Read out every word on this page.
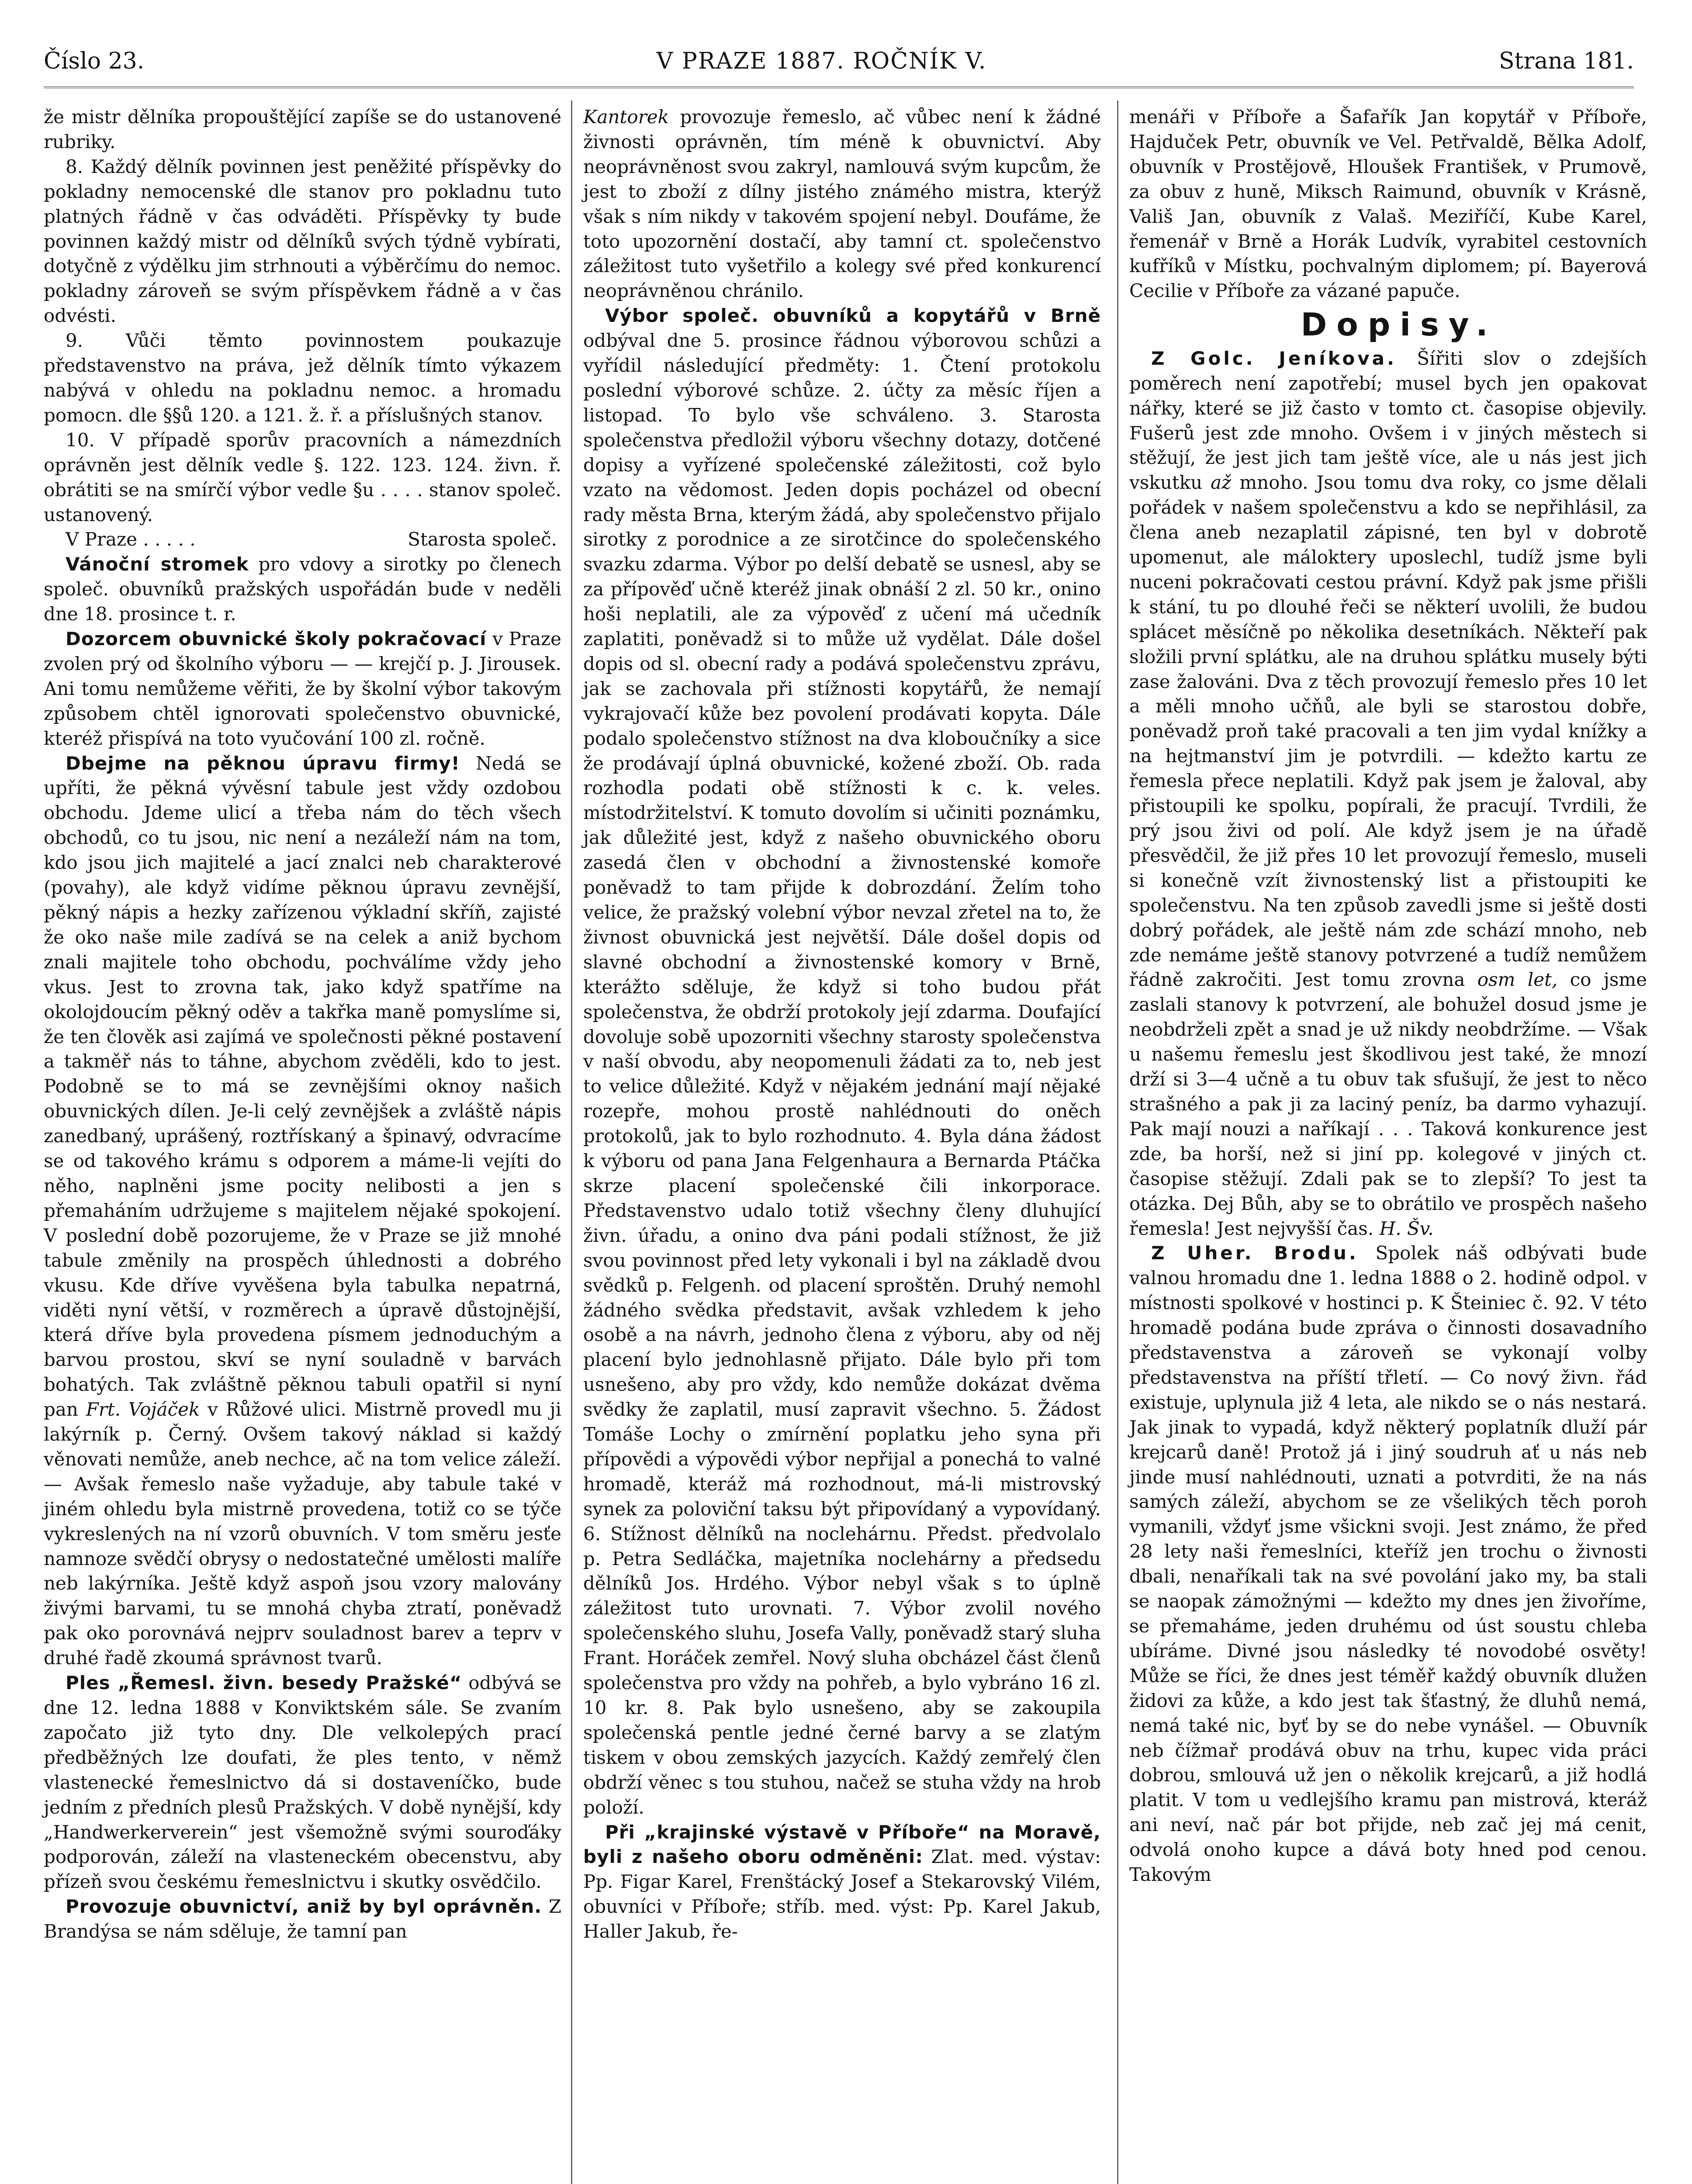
Číslo 23.	V PRAZE 1887. ROČNÍK V.	Strana 181.

že mistr dělníka propouštějící zapíše se do ustanovené rubriky.

8. Každý dělník povinnen jest peněžité příspěvky do pokladny nemocenské dle stanov pro pokladnu tuto platných řádně v čas odváděti. Příspěvky ty bude povinnen každý mistr od dělníků svých týdně vybírati, dotyčně z výdělku jim strhnouti a výběrčímu do nemoc. pokladny zároveň se svým příspěvkem řádně a v čas odvésti.

9. Vůči těmto povinnostem poukazuje představenstvo na práva, jež dělník tímto výkazem nabývá v ohledu na pokladnu nemoc. a hromadu pomocn. dle §§ů 120. a 121. ž. ř. a příslušných stanov.

10. V případě sporův pracovních a námezdních oprávněn jest dělník vedle §. 122. 123. 124. živn. ř. obrátiti se na smírčí výbor vedle §u . . . . stanov společ. ustanovený.

V Praze . . . . .	Starosta společ.

Vánoční stromek pro vdovy a sirotky po členech společ. obuvníků pražských uspořádán bude v neděli dne 18. prosince t. r.

Dozorcem obuvnické školy pokračovací v Praze zvolen prý od školního výboru — — krejčí p. J. Jirousek. Ani tomu nemůžeme věřiti, že by školní výbor takovým způsobem chtěl ignorovati společenstvo obuvnické, kteréž přispívá na toto vyučování 100 zl. ročně.

Dbejme na pěknou úpravu firmy! Nedá se upříti, že pěkná vývěsní tabule jest vždy ozdobou obchodu. Jdeme ulicí a třeba nám do těch všech obchodů, co tu jsou, nic není a nezáleží nám na tom, kdo jsou jich majitelé a jací znalci neb charakterové (povahy), ale když vidíme pěknou úpravu zevnější, pěkný nápis a hezky zařízenou výkladní skříň, zajisté že oko naše mile zadívá se na celek a aniž bychom znali majitele toho obchodu, pochválíme vždy jeho vkus. Jest to zrovna tak, jako když spatříme na okolojdoucím pěkný oděv a takřka maně pomyslíme si, že ten člověk asi zajímá ve společnosti pěkné postavení a takměř nás to táhne, abychom zvěděli, kdo to jest. Podobně se to má se zevnějšími oknoy našich obuvnických dílen. Je-li celý zevnějšek a zvláště nápis zanedbaný, uprášený, roztřískaný a špinavý, odvracíme se od takového krámu s odporem a máme-li vejíti do něho, naplněni jsme pocity nelibosti a jen s přemaháním udržujeme s majitelem nějaké spokojení. V poslední době pozorujeme, že v Praze se již mnohé tabule změnily na prospěch úhlednosti a dobrého vkusu. Kde dříve vyvěšena byla tabulka nepatrná, viděti nyní větší, v rozměrech a úpravě důstojnější, která dříve byla provedena písmem jednoduchým a barvou prostou, skví se nyní souladně v barvách bohatých. Tak zvláštně pěknou tabuli opatřil si nyní pan Frt. Vojáček v Růžové ulici. Mistrně provedl mu ji lakýrník p. Černý. Ovšem takový náklad si každý věnovati nemůže, aneb nechce, ač na tom velice záleží. — Avšak řemeslo naše vyžaduje, aby tabule také v jiném ohledu byla mistrně provedena, totiž co se týče vykreslených na ní vzorů obuvních. V tom směru jesťe namnoze svědčí obrysy o nedostatečné umělosti malíře neb lakýrníka. Ještě když aspoň jsou vzory malovány živými barvami, tu se mnohá chyba ztratí, poněvadž pak oko porovnává nejprv souladnost barev a teprv v druhé řadě zkoumá správnost tvarů.

Ples „Řemesl. živn. besedy Pražské“ odbývá se dne 12. ledna 1888 v Konviktském sále. Se zvaním započato již tyto dny. Dle velkolepých prací předběžných lze doufati, že ples tento, v němž vlastenecké řemeslnictvo dá si dostaveníčko, bude jedním z předních plesů Pražských. V době nynější, kdy „Handwerkerverein“ jest všemožně svými souroďáky podporován, záleží na vlasteneckém obecenstvu, aby přízeň svou českému řemeslnictvu i skutky osvědčilo.

Provozuje obuvnictví, aniž by byl oprávněn. Z Brandýsa se nám sděluje, že tamní pan

Kantorek provozuje řemeslo, ač vůbec není k žádné živnosti oprávněn, tím méně k obuvnictví. Aby neoprávněnost svou zakryl, namlouvá svým kupcům, že jest to zboží z dílny jistého známého mistra, kterýž však s ním nikdy v takovém spojení nebyl. Doufáme, že toto upozornění dostačí, aby tamní ct. společenstvo záležitost tuto vyšetřilo a kolegy své před konkurencí neoprávněnou chránilo.

Výbor společ. obuvníků a kopytářů v Brně odbýval dne 5. prosince řádnou výborovou schůzi a vyřídil následující předměty: 1. Čtení protokolu poslední výborové schůze. 2. účty za měsíc říjen a listopad. To bylo vše schváleno. 3. Starosta společenstva předložil výboru všechny dotazy, dotčené dopisy a vyřízené společenské záležitosti, což bylo vzato na vědomost. Jeden dopis pocházel od obecní rady města Brna, kterým žádá, aby společenstvo přijalo sirotky z porodnice a ze sirotčince do společenského svazku zdarma. Výbor po delší debatě se usnesl, aby se za přípověď učně kteréž jinak obnáší 2 zl. 50 kr., onino hoši neplatili, ale za výpověď z učení má učedník zaplatiti, poněvadž si to může už vydělat. Dále došel dopis od sl. obecní rady a podává společenstvu zprávu, jak se zachovala při stížnosti kopytářů, že nemají vykrajovačí kůže bez povolení prodávati kopyta. Dále podalo společenstvo stížnost na dva kloboučníky a sice že prodávají úplná obuvnické, kožené zboží. Ob. rada rozhodla podati obě stížnosti k c. k. veles. místodržitelství. K tomuto dovolím si učiniti poznámku, jak důležité jest, když z našeho obuvnického oboru zasedá člen v obchodní a živnostenské komoře poněvadž to tam přijde k dobrozdání. Želím toho velice, že pražský volební výbor nevzal zřetel na to, že živnost obuvnická jest největší. Dále došel dopis od slavné obchodní a živnostenské komory v Brně, kterážto sděluje, že když si toho budou přát společenstva, že obdrží protokoly její zdarma. Doufající dovoluje sobě upozorniti všechny starosty společenstva v naší obvodu, aby neopomenuli žádati za to, neb jest to velice důležité. Když v nějakém jednání mají nějaké rozepře, mohou prostě nahlédnouti do oněch protokolů, jak to bylo rozhodnuto. 4. Byla dána žádost k výboru od pana Jana Felgenhaura a Bernarda Ptáčka skrze placení společenské čili inkorporace. Představenstvo udalo totiž všechny členy dluhující živn. úřadu, a onino dva páni podali stížnost, že již svou povinnost před lety vykonali i byl na základě dvou svědků p. Felgenh. od placení sproštěn. Druhý nemohl žádného svědka představit, avšak vzhledem k jeho osobě a na návrh, jednoho člena z výboru, aby od něj placení bylo jednohlasně přijato. Dále bylo při tom usnešeno, aby pro vždy, kdo nemůže dokázat dvěma svědky že zaplatil, musí zapravit všechno. 5. Žádost Tomáše Lochy o zmírnění poplatku jeho syna při přípovědi a výpovědi výbor nepřijal a ponechá to valné hromadě, kteráž má rozhodnout, má-li mistrovský synek za poloviční taksu být připovídaný a vypovídaný. 6. Stížnost dělníků na noclehárnu. Předst. předvolalo p. Petra Sedláčka, majetníka noclehárny a předsedu dělníků Jos. Hrdého. Výbor nebyl však s to úplně záležitost tuto urovnati. 7. Výbor zvolil nového společenského sluhu, Josefa Vally, poněvadž starý sluha Frant. Horáček zemřel. Nový sluha obcházel část členů společenstva pro vždy na pohřeb, a bylo vybráno 16 zl. 10 kr. 8. Pak bylo usnešeno, aby se zakoupila společenská pentle jedné černé barvy a se zlatým tiskem v obou zemských jazycích. Každý zemřelý člen obdrží věnec s tou stuhou, načež se stuha vždy na hrob položí.

Při „krajinské výstavě v Příboře“ na Moravě, byli z našeho oboru odměněni: Zlat. med. výstav: Pp. Figar Karel, Frenštácký Josef a Stekarovský Vilém, obuvníci v Příboře; stříb. med. výst: Pp. Karel Jakub, Haller Jakub, ře-

menáři v Příboře a Šafařík Jan kopytář v Příboře, Hajduček Petr, obuvník ve Vel. Petřvaldě, Bělka Adolf, obuvník v Prostějově, Hloušek František, v Prumově, za obuv z huně, Miksch Raimund, obuvník v Krásně, Vališ Jan, obuvník z Valaš. Meziříčí, Kube Karel, řemenář v Brně a Horák Ludvík, vyrabitel cestovních kufříků v Místku, pochvalným diplomem; pí. Bayerová Cecilie v Příboře za vázané papuče.

Dopisy.

Z Golc. Jeníkova. Šířiti slov o zdejších poměrech není zapotřebí; musel bych jen opakovat nářky, které se již často v tomto ct. časopise objevily. Fušerů jest zde mnoho. Ovšem i v jiných městech si stěžují, že jest jich tam ještě více, ale u nás jest jich vskutku až mnoho. Jsou tomu dva roky, co jsme dělali pořádek v našem společenstvu a kdo se nepřihlásil, za člena aneb nezaplatil zápisné, ten byl v dobrotě upomenut, ale máloktery uposlechl, tudíž jsme byli nuceni pokračovati cestou právní. Když pak jsme přišli k stání, tu po dlouhé řeči se některí uvolili, že budou splácet měsíčně po několika desetníkách. Někteří pak složili první splátku, ale na druhou splátku musely býti zase žalováni. Dva z těch provozují řemeslo přes 10 let a měli mnoho učňů, ale byli se starostou dobře, poněvadž proň také pracovali a ten jim vydal knížky a na hejtmanství jim je potvrdili. — kdežto kartu ze řemesla přece neplatili. Když pak jsem je žaloval, aby přistoupili ke spolku, popírali, že pracují. Tvrdili, že prý jsou živi od polí. Ale když jsem je na úřadě přesvědčil, že již přes 10 let provozují řemeslo, museli si konečně vzít živnostenský list a přistoupiti ke společenstvu. Na ten způsob zavedli jsme si ještě dosti dobrý pořádek, ale ještě nám zde schází mnoho, neb zde nemáme ještě stanovy potvrzené a tudíž nemůžem řádně zakročiti. Jest tomu zrovna osm let, co jsme zaslali stanovy k potvrzení, ale bohužel dosud jsme je neobdrželi zpět a snad je už nikdy neobdržíme. — Však u našemu řemeslu jest škodlivou jest také, že mnozí drží si 3—4 učně a tu obuv tak sfušují, že jest to něco strašného a pak ji za laciný peníz, ba darmo vyhazují. Pak mají nouzi a naříkají . . . Taková konkurence jest zde, ba horší, než si jiní pp. kolegové v jiných ct. časopise stěžují. Zdali pak se to zlepší? To jest ta otázka. Dej Bůh, aby se to obrátilo ve prospěch našeho řemesla! Jest nejvyšší čas. H. Šv.

Z Uher. Brodu. Spolek náš odbývati bude valnou hromadu dne 1. ledna 1888 o 2. hodině odpol. v místnosti spolkové v hostinci p. K Šteiniec č. 92. V této hromadě podána bude zpráva o činnosti dosavadního představenstva a zároveň se vykonají volby představenstva na příští třletí. — Co nový živn. řád existuje, uplynula již 4 leta, ale nikdo se o nás nestará. Jak jinak to vypadá, když některý poplatník dluží pár krejcarů daně! Protož já i jiný soudruh ať u nás neb jinde musí nahlédnouti, uznati a potvrditi, že na nás samých záleží, abychom se ze všelikých těch poroh vymanili, vždyť jsme všickni svoji. Jest známo, že před 28 lety naši řemeslníci, kteříž jen trochu o živnosti dbali, nenaříkali tak na své povolání jako my, ba stali se naopak zámožnými — kdežto my dnes jen živoříme, se přemaháme, jeden druhému od úst soustu chleba ubíráme. Divné jsou následky té novodobé osvěty! Může se říci, že dnes jest téměř každý obuvník dlužen židovi za kůže, a kdo jest tak šťastný, že dluhů nemá, nemá také nic, byť by se do nebe vynášel. — Obuvník neb čížmař prodává obuv na trhu, kupec vida práci dobrou, smlouvá už jen o několik krejcarů, a již hodlá platit. V tom u vedlejšího kramu pan mistrová, kteráž ani neví, nač pár bot přijde, neb zač jej má cenit, odvolá onoho kupce a dává boty hned pod cenou. Takovým
